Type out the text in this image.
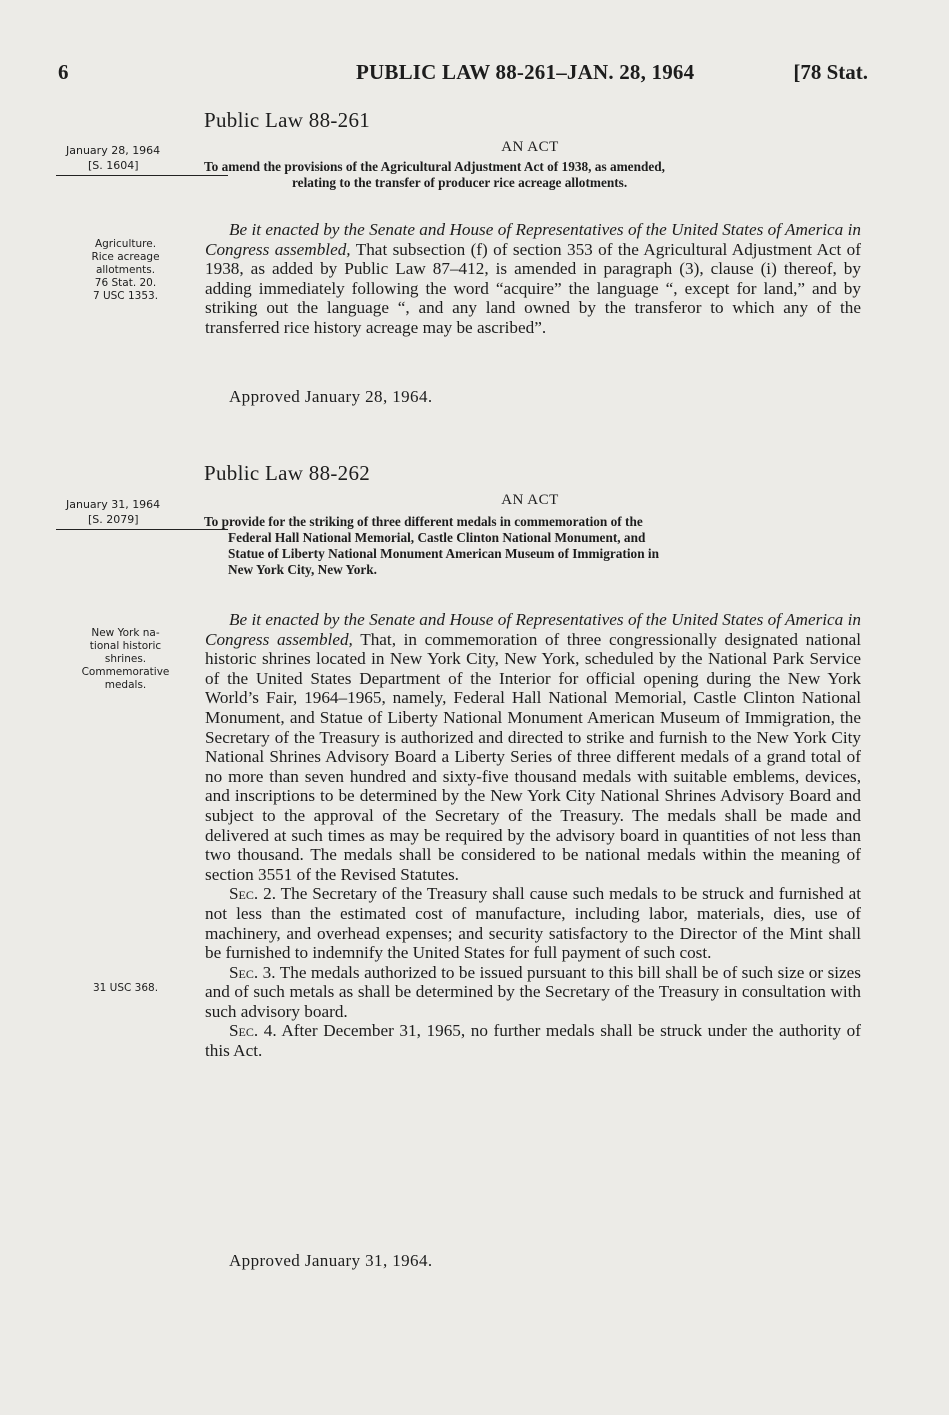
6	PUBLIC LAW 88-261–JAN. 28, 1964	[78 Stat.
Public Law 88-261
January 28, 1964
[S. 1604]
AN ACT
To amend the provisions of the Agricultural Adjustment Act of 1938, as amended,
relating to the transfer of producer rice acreage allotments.
Agriculture.
Rice acreage
allotments.
76 Stat. 20.
7 USC 1353.

Be it enacted by the Senate and House of Representatives of the United States of America in Congress assembled, That subsection (f) of section 353 of the Agricultural Adjustment Act of 1938, as added by Public Law 87–412, is amended in paragraph (3), clause (i) thereof, by adding immediately following the word “acquire” the language “, except for land,” and by striking out the language “, and any land owned by the transferor to which any of the transferred rice history acreage may be ascribed”.

Approved January 28, 1964.
Public Law 88-262
January 31, 1964
[S. 2079]
AN ACT
To provide for the striking of three different medals in commemoration of the
Federal Hall National Memorial, Castle Clinton National Monument, and
Statue of Liberty National Monument American Museum of Immigration in
New York City, New York.
New York na-
tional historic
shrines.
Commemorative
medals.
31 USC 368.

Be it enacted by the Senate and House of Representatives of the United States of America in Congress assembled, That, in commemoration of three congressionally designated national historic shrines located in New York City, New York, scheduled by the National Park Service of the United States Department of the Interior for official opening during the New York World’s Fair, 1964–1965, namely, Federal Hall National Memorial, Castle Clinton National Monument, and Statue of Liberty National Monument American Museum of Immigration, the Secretary of the Treasury is authorized and directed to strike and furnish to the New York City National Shrines Advisory Board a Liberty Series of three different medals of a grand total of no more than seven hundred and sixty-five thousand medals with suitable emblems, devices, and inscriptions to be determined by the New York City National Shrines Advisory Board and subject to the approval of the Secretary of the Treasury. The medals shall be made and delivered at such times as may be required by the advisory board in quantities of not less than two thousand. The medals shall be considered to be national medals within the meaning of section 3551 of the Revised Statutes.

Sec. 2. The Secretary of the Treasury shall cause such medals to be struck and furnished at not less than the estimated cost of manufacture, including labor, materials, dies, use of machinery, and overhead expenses; and security satisfactory to the Director of the Mint shall be furnished to indemnify the United States for full payment of such cost.

Sec. 3. The medals authorized to be issued pursuant to this bill shall be of such size or sizes and of such metals as shall be determined by the Secretary of the Treasury in consultation with such advisory board.

Sec. 4. After December 31, 1965, no further medals shall be struck under the authority of this Act.

Approved January 31, 1964.
